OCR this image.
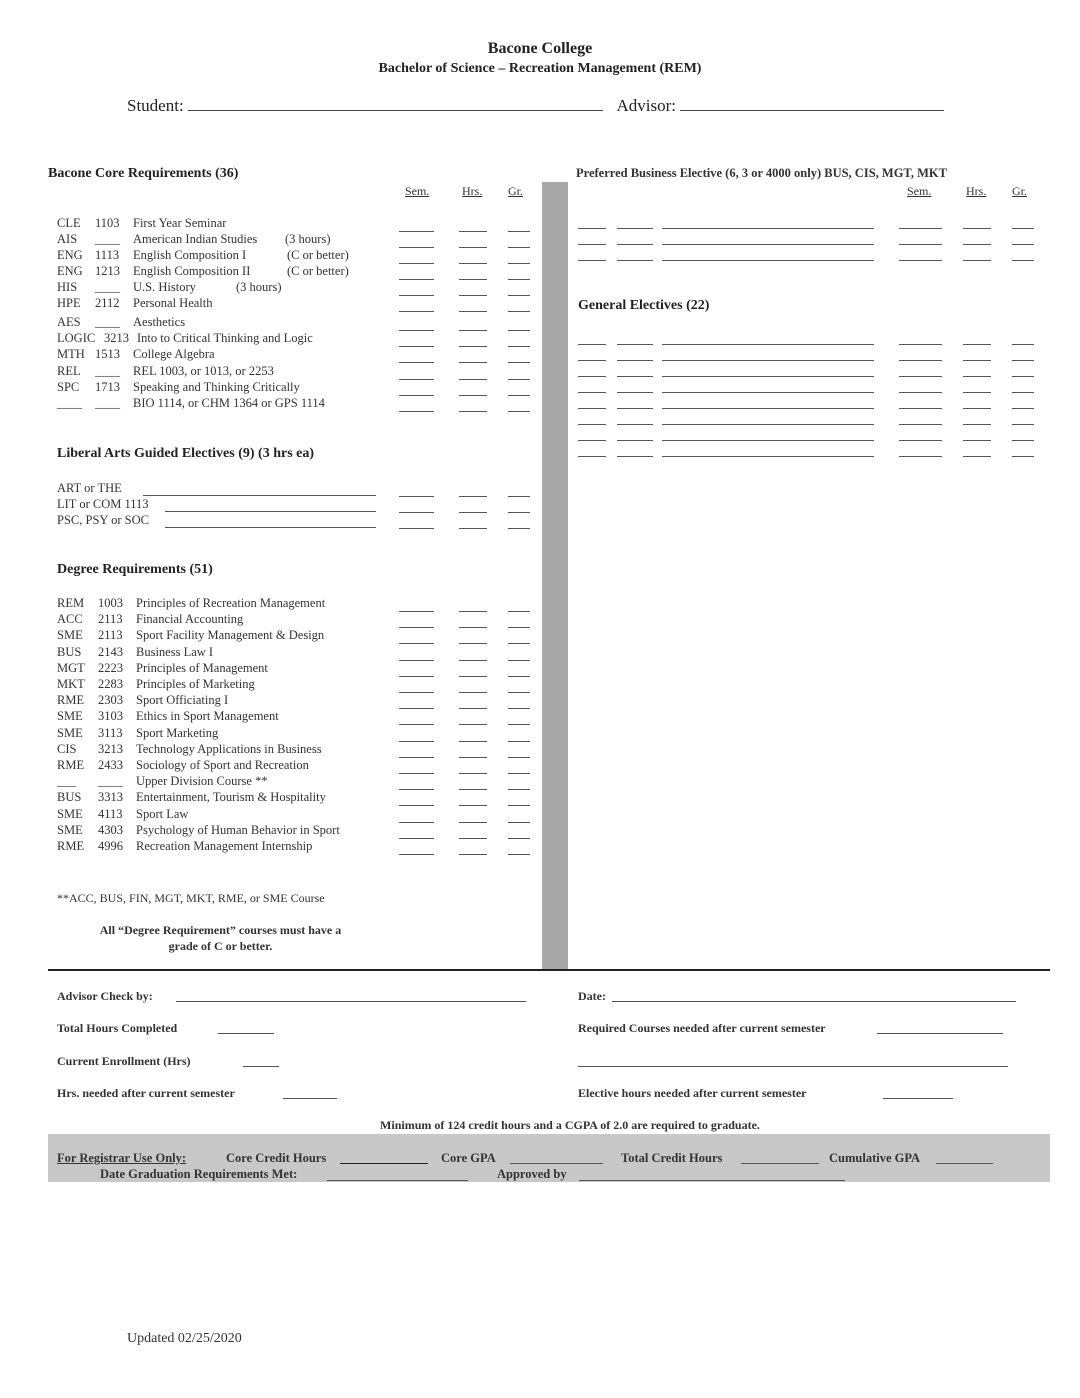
Bacone College
Bachelor of Science – Recreation Management (REM)
Student:	Advisor:
Bacone Core Requirements (36)
Sem.	Hrs. Gr.
CLE 1103 First Year Seminar
AIS ____ American Indian Studies (3 hours)
ENG 1113 English Composition I	(C or better)
ENG 1213 English Composition II	(C or better)
HIS ____ U.S. History	(3 hours)
HPE 2112 Personal Health
AES ____ Aesthetics
LOGIC 3213 Into to Critical Thinking and Logic
MTH 1513 College Algebra
REL ____ REL 1003, or 1013, or 2253
SPC 1713 Speaking and Thinking Critically
____ ____ BIO 1114, or CHM 1364 or GPS 1114
Liberal Arts Guided Electives (9) (3 hrs ea)
ART or THE
LIT or COM 1113
PSC, PSY or SOC
Degree Requirements (51)
REM 1003 Principles of Recreation Management
ACC 2113 Financial Accounting
SME 2113 Sport Facility Management & Design
BUS 2143 Business Law I
MGT 2223 Principles of Management
MKT 2283 Principles of Marketing
RME 2303 Sport Officiating I
SME 3103 Ethics in Sport Management
SME 3113 Sport Marketing
CIS 3213 Technology Applications in Business
RME 2433 Sociology of Sport and Recreation
___ ____ Upper Division Course **
BUS 3313 Entertainment, Tourism & Hospitality
SME 4113 Sport Law
SME 4303 Psychology of Human Behavior in Sport
RME 4996 Recreation Management Internship
**ACC, BUS, FIN, MGT, MKT, RME, or SME Course
All “Degree Requirement” courses must have a
grade of C or better.
Preferred Business Elective (6, 3 or 4000 only) BUS, CIS, MGT, MKT
Sem.	Hrs. Gr.
General Electives (22)
Advisor Check by:	Date:
Total Hours Completed	Required Courses needed after current semester
Current Enrollment (Hrs)
Hrs. needed after current semester	Elective hours needed after current semester
Minimum of 124 credit hours and a CGPA of 2.0 are required to graduate.
For Registrar Use Only:	Core Credit Hours	Core GPA	Total Credit Hours	Cumulative GPA
Date Graduation Requirements Met:	Approved by
Updated 02/25/2020
